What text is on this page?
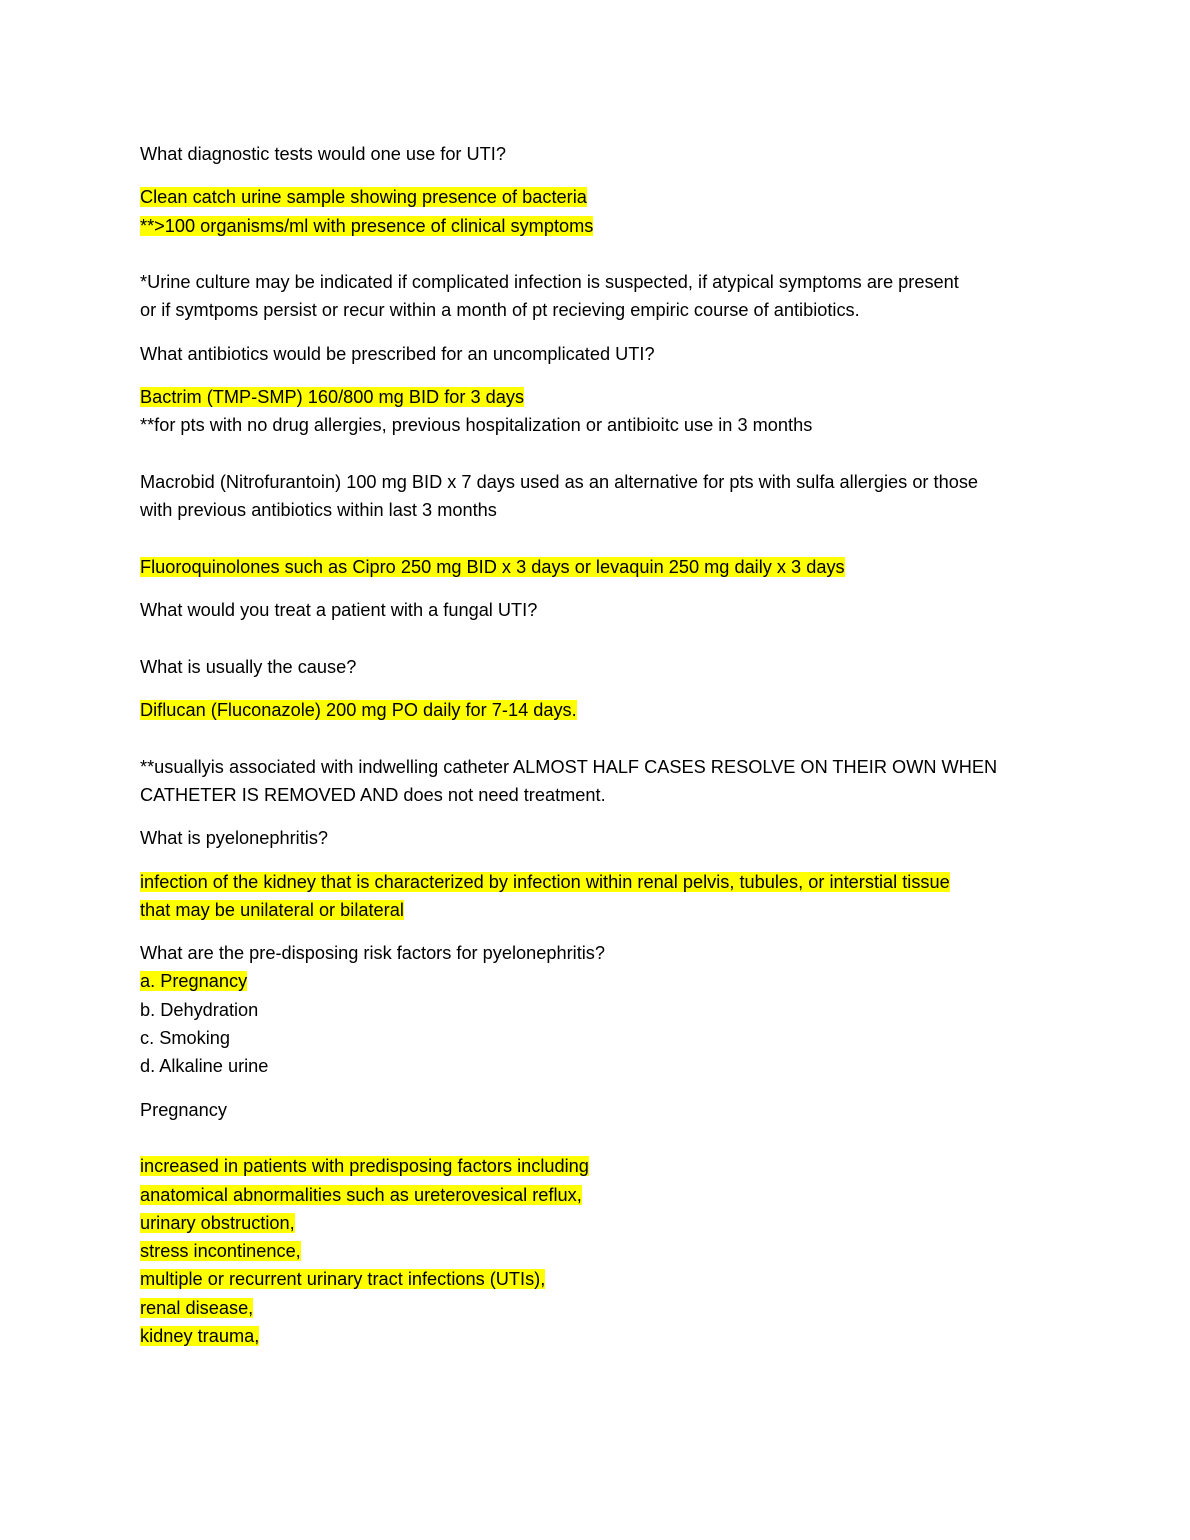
What diagnostic tests would one use for UTI?

Clean catch urine sample showing presence of bacteria
**>100 organisms/ml with presence of clinical symptoms

*Urine culture may be indicated if complicated infection is suspected, if atypical symptoms are present
or if symtpoms persist or recur within a month of pt recieving empiric course of antibiotics.

What antibiotics would be prescribed for an uncomplicated UTI?

Bactrim (TMP-SMP) 160/800 mg BID for 3 days
**for pts with no drug allergies, previous hospitalization or antibioitc use in 3 months

Macrobid (Nitrofurantoin) 100 mg BID x 7 days used as an alternative for pts with sulfa allergies or those
with previous antibiotics within last 3 months

Fluoroquinolones such as Cipro 250 mg BID x 3 days or levaquin 250 mg daily x 3 days

What would you treat a patient with a fungal UTI?

What is usually the cause?

Diflucan (Fluconazole) 200 mg PO daily for 7-14 days.

**usuallyis associated with indwelling catheter ALMOST HALF CASES RESOLVE ON THEIR OWN WHEN
CATHETER IS REMOVED AND does not need treatment.

What is pyelonephritis?

infection of the kidney that is characterized by infection within renal pelvis, tubules, or interstial tissue
that may be unilateral or bilateral

What are the pre-disposing risk factors for pyelonephritis?
a. Pregnancy
b. Dehydration
c. Smoking
d. Alkaline urine

Pregnancy

increased in patients with predisposing factors including
anatomical abnormalities such as ureterovesical reflux,
urinary obstruction,
stress incontinence,
multiple or recurrent urinary tract infections (UTIs),
renal disease,
kidney trauma,
